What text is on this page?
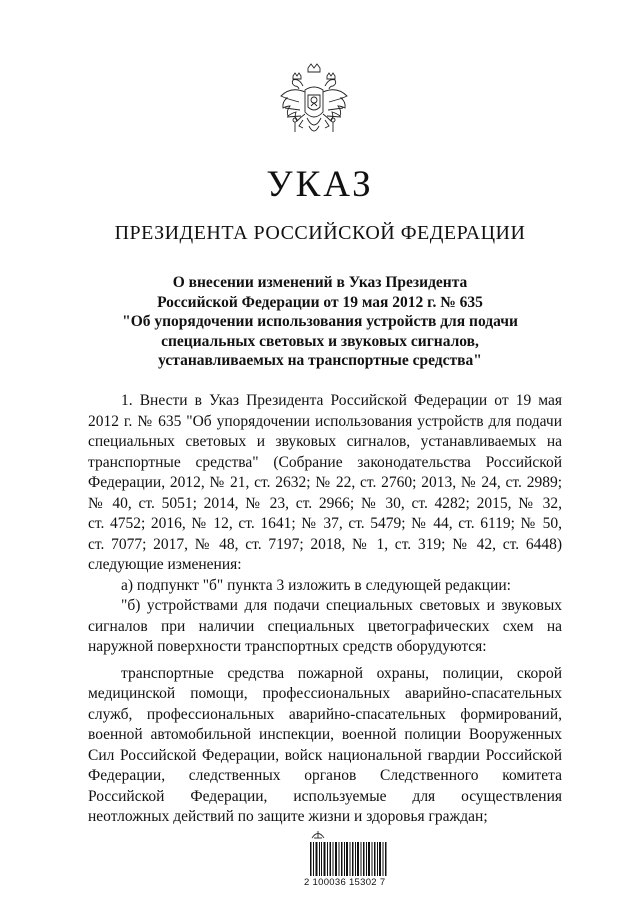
УКАЗ
ПРЕЗИДЕНТА РОССИЙСКОЙ ФЕДЕРАЦИИ
О внесении изменений в Указ Президента
Российской Федерации от 19 мая 2012 г. № 635
"Об упорядочении использования устройств для подачи
специальных световых и звуковых сигналов,
устанавливаемых на транспортные средства"
1. Внести в Указ Президента Российской Федерации от 19 мая
2012 г. № 635 "Об упорядочении использования устройств для подачи
специальных световых и звуковых сигналов, устанавливаемых на
транспортные средства" (Собрание законодательства Российской
Федерации, 2012, № 21, ст. 2632; № 22, ст. 2760; 2013, № 24, ст. 2989;
№ 40, ст. 5051; 2014, № 23, ст. 2966; № 30, ст. 4282; 2015, № 32,
ст. 4752; 2016, № 12, ст. 1641; № 37, ст. 5479; № 44, ст. 6119; № 50,
ст. 7077; 2017, № 48, ст. 7197; 2018, № 1, ст. 319; № 42, ст. 6448)
следующие изменения:
а) подпункт "б" пункта 3 изложить в следующей редакции:
"б) устройствами для подачи специальных световых и звуковых
сигналов при наличии специальных цветографических схем на
наружной поверхности транспортных средств оборудуются:
транспортные средства пожарной охраны, полиции, скорой
медицинской помощи, профессиональных аварийно-спасательных
служб, профессиональных аварийно-спасательных формирований,
военной автомобильной инспекции, военной полиции Вооруженных
Сил Российской Федерации, войск национальной гвардии Российской
Федерации, следственных органов Следственного комитета
Российской Федерации, используемые для осуществления
неотложных действий по защите жизни и здоровья граждан;
2 100036 15302 7
